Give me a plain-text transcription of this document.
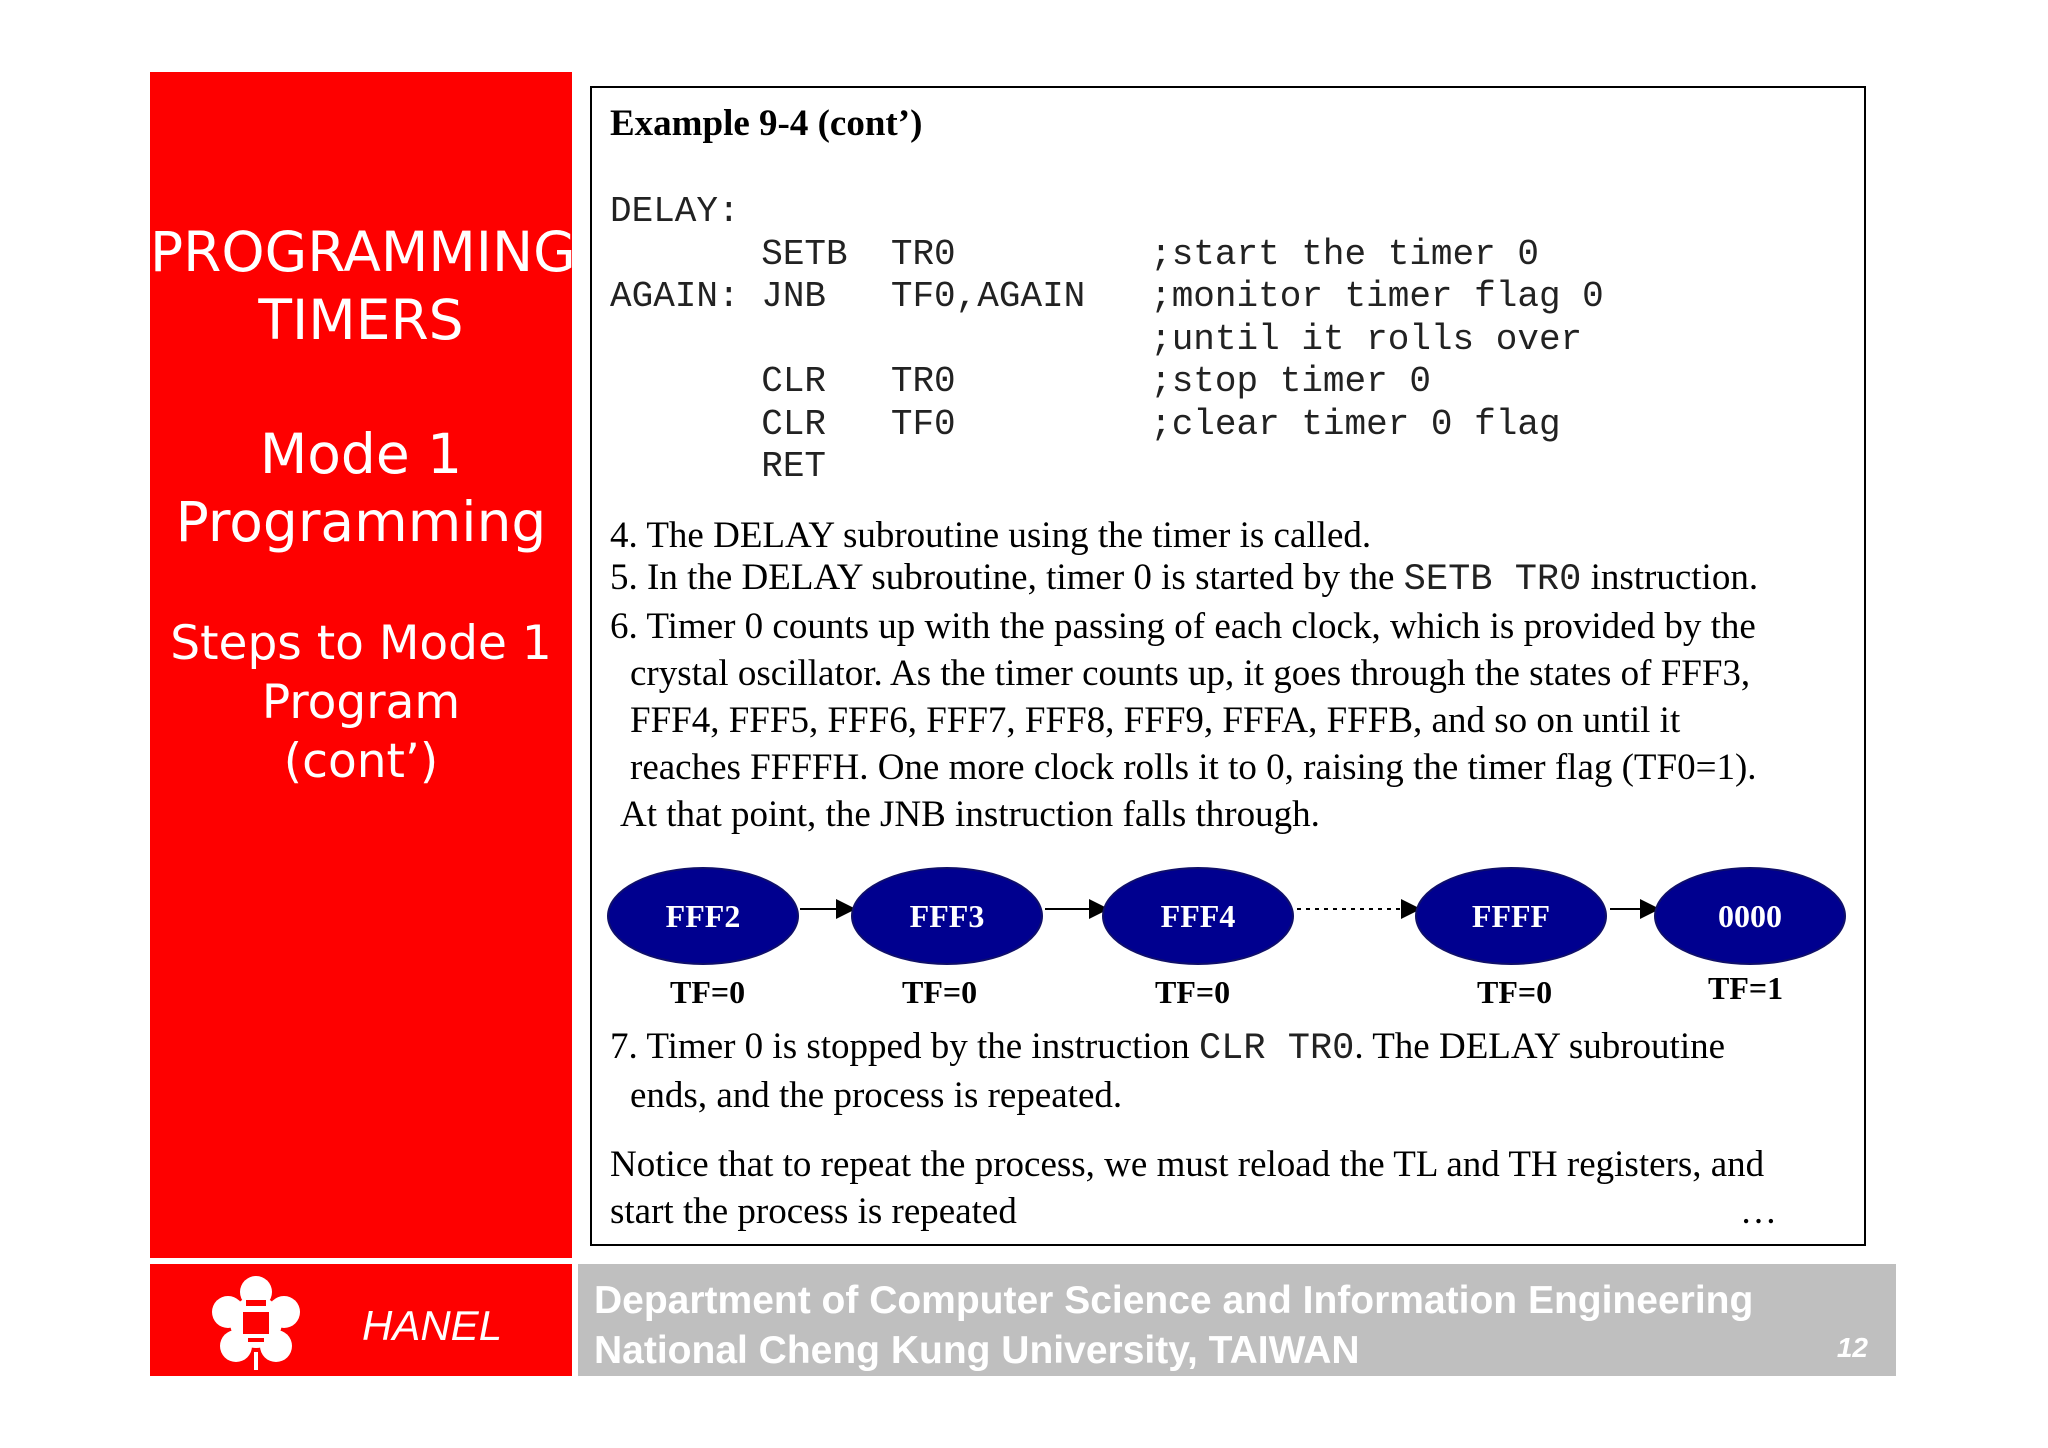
PROGRAMMING
TIMERS
Mode 1
Programming
Steps to Mode 1
Program
(cont’)
Example 9-4 (cont’)
DELAY:
SETB  TR0         ;start the timer 0
AGAIN: JNB   TF0,AGAIN   ;monitor timer flag 0
;until it rolls over
CLR   TR0         ;stop timer 0
CLR   TF0         ;clear timer 0 flag
RET

4. The DELAY subroutine using the timer is called.

5. In the DELAY subroutine, timer 0 is started by the SETB TR0 instruction.

6. Timer 0 counts up with the passing of each clock, which is provided by the

crystal oscillator. As the timer counts up, it goes through the states of FFF3,

FFF4, FFF5, FFF6, FFF7, FFF8, FFF9, FFFA, FFFB, and so on until it

reaches FFFFH. One more clock rolls it to 0, raising the timer flag (TF0=1).

At that point, the JNB instruction falls through.

FFF2	FFF3	FFF4	FFFF	0000
TF=0	TF=0	TF=0	TF=0	TF=1

7. Timer 0 is stopped by the instruction CLR TR0. The DELAY subroutine

ends, and the process is repeated.

Notice that to repeat the process, we must reload the TL and TH registers, and

start the process is repeated	…

HANEL
Department of Computer Science and Information Engineering
National Cheng Kung University, TAIWAN	12
